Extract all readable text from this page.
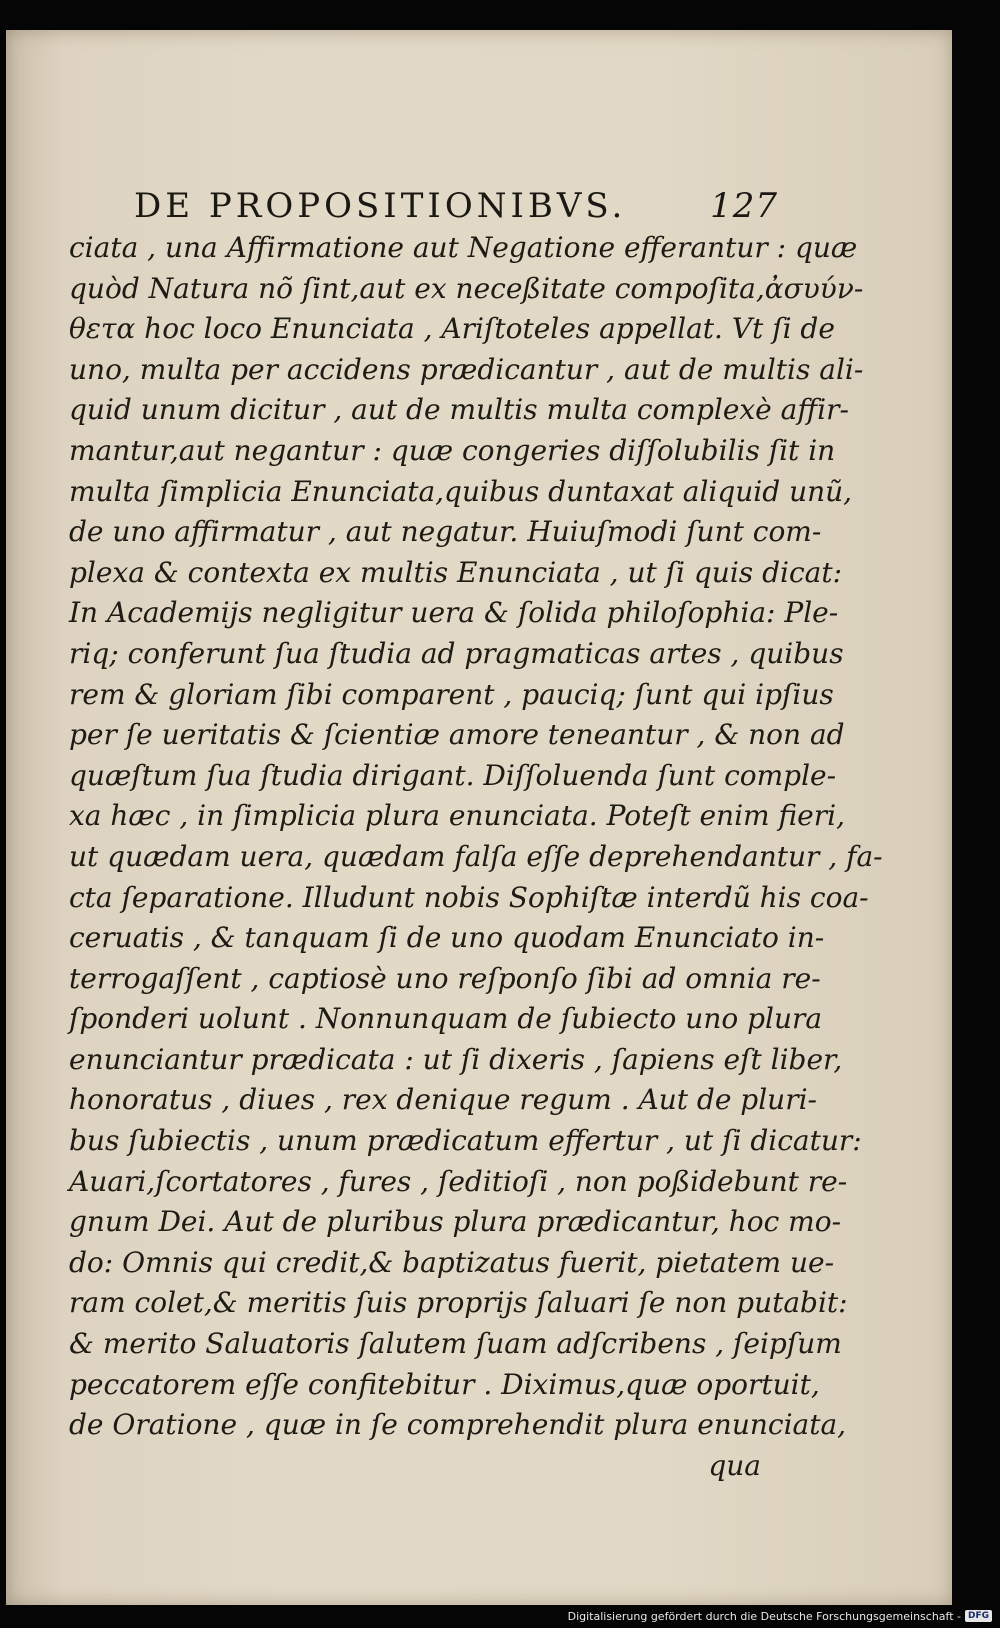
DE PROPOSITIONIBVS. 127
ciata , una Affirmatione aut Negatione efferantur : quæ
quòd Natura nõ ſint,aut ex neceßitate compoſita,ἀσυύν-
θετα hoc loco Enunciata , Ariſtoteles appellat. Vt ſi de
uno, multa per accidens prædicantur , aut de multis ali-
quid unum dicitur , aut de multis multa complexè affir-
mantur,aut negantur : quæ congeries diſſolubilis ſit in
multa ſimplicia Enunciata,quibus duntaxat aliquid unũ,
de uno affirmatur , aut negatur. Huiuſmodi ſunt com-
plexa & contexta ex multis Enunciata , ut ſi quis dicat:
In Academijs negligitur uera & ſolida philoſophia: Ple-
riq; conferunt ſua ſtudia ad pragmaticas artes , quibus
rem & gloriam ſibi comparent , pauciq; ſunt qui ipſius
per ſe ueritatis & ſcientiæ amore teneantur , & non ad
quæſtum ſua ſtudia dirigant. Diſſoluenda ſunt comple-
xa hæc , in ſimplicia plura enunciata. Poteſt enim fieri,
ut quædam uera, quædam falſa eſſe deprehendantur , fa-
cta ſeparatione. Illudunt nobis Sophiſtæ interdũ his coa-
ceruatis , & tanquam ſi de uno quodam Enunciato in-
terrogaſſent , captiosè uno reſponſo ſibi ad omnia re-
ſponderi uolunt . Nonnunquam de ſubiecto uno plura
enunciantur prædicata : ut ſi dixeris , ſapiens eſt liber,
honoratus , diues , rex denique regum . Aut de pluri-
bus ſubiectis , unum prædicatum effertur , ut ſi dicatur:
Auari,ſcortatores , fures , ſeditioſi , non poßidebunt re-
gnum Dei. Aut de pluribus plura prædicantur, hoc mo-
do: Omnis qui credit,& baptizatus fuerit, pietatem ue-
ram colet,& meritis ſuis proprijs ſaluari ſe non putabit:
& merito Saluatoris ſalutem ſuam adſcribens , ſeipſum
peccatorem eſſe confitebitur . Diximus,quæ oportuit,
de Oratione , quæ in ſe comprehendit plura enunciata,
qua
Digitalisierung gefördert durch die Deutsche Forschungsgemeinschaft - DFG
